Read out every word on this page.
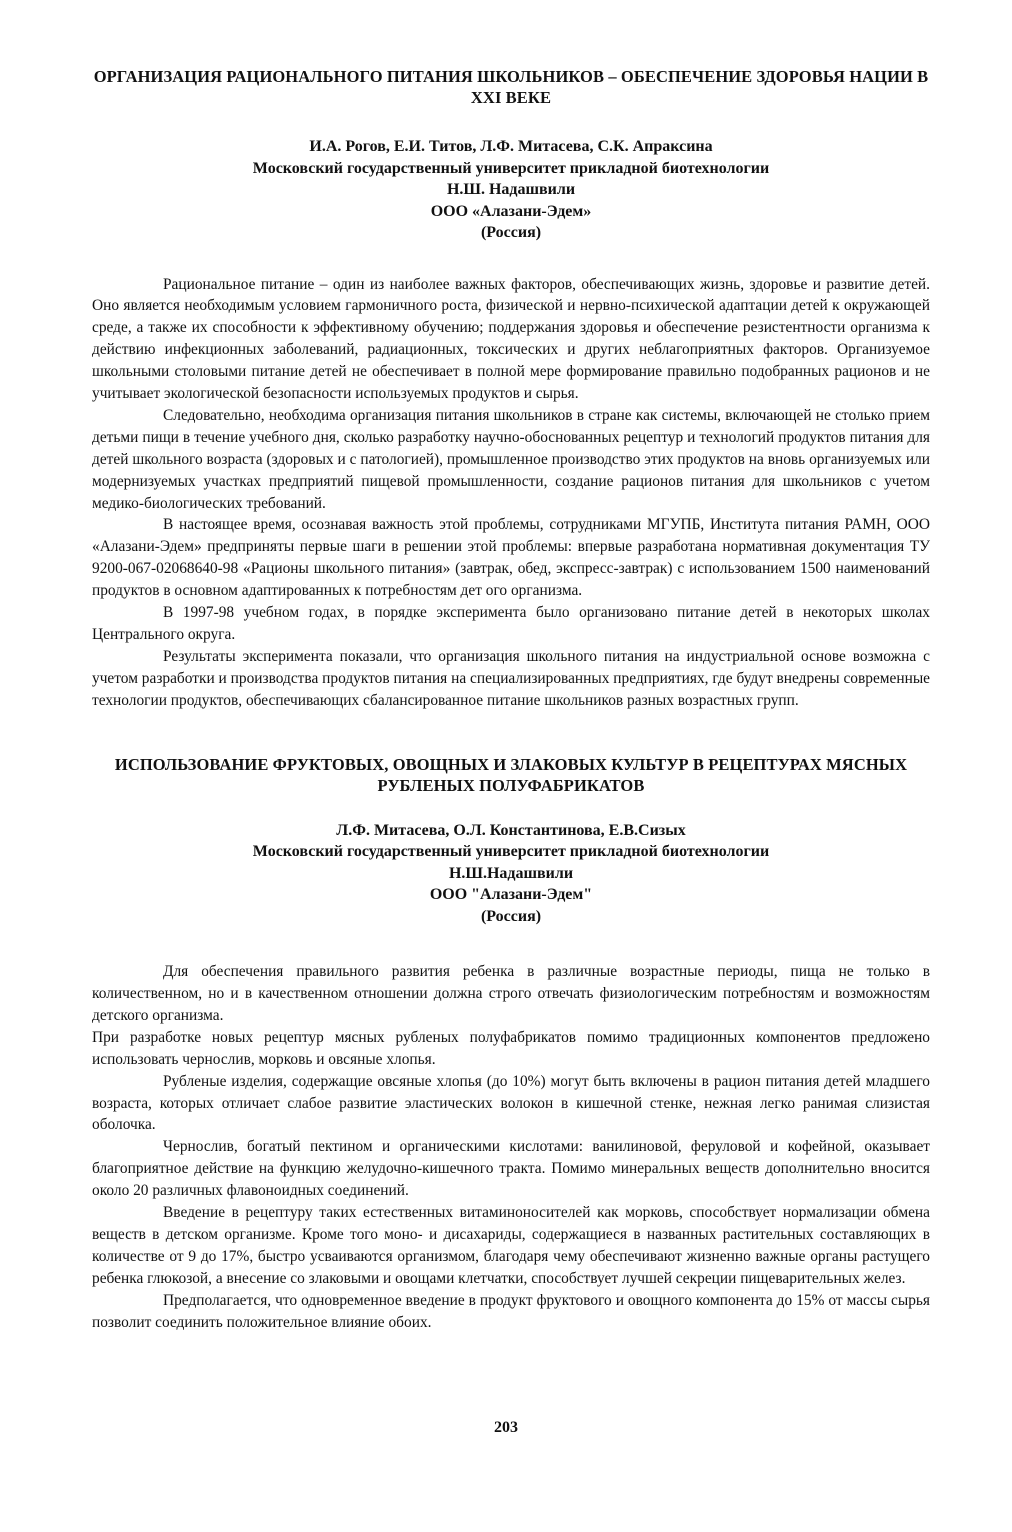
ОРГАНИЗАЦИЯ РАЦИОНАЛЬНОГО ПИТАНИЯ ШКОЛЬНИКОВ – ОБЕСПЕЧЕНИЕ ЗДОРОВЬЯ НАЦИИ В XXI ВЕКЕ
И.А. Рогов, Е.И. Титов, Л.Ф. Митасева, С.К. Апраксина
Московский государственный университет прикладной биотехнологии
Н.Ш. Надашвили
ООО «Алазани-Эдем»
(Россия)

Рациональное питание – один из наиболее важных факторов, обеспечивающих жизнь, здоровье и развитие детей. Оно является необходимым условием гармоничного роста, физической и нервно-психической адаптации детей к окружающей среде, а также их способности к эффективному обучению; поддержания здоровья и обеспечение резистентности организма к действию инфекционных заболеваний, радиационных, токсических и других неблагоприятных факторов. Организуемое школьными столовыми питание детей не обеспечивает в полной мере формирование правильно подобранных рационов и не учитывает экологической безопасности используемых продуктов и сырья.

Следовательно, необходима организация питания школьников в стране как системы, включающей не столько прием детьми пищи в течение учебного дня, сколько разработку научно-обоснованных рецептур и технологий продуктов питания для детей школьного возраста (здоровых и с патологией), промышленное производство этих продуктов на вновь организуемых или модернизуемых участках предприятий пищевой промышленности, создание рационов питания для школьников с учетом медико-биологических требований.

В настоящее время, осознавая важность этой проблемы, сотрудниками МГУПБ, Института питания РАМН, ООО «Алазани-Эдем» предприняты первые шаги в решении этой проблемы: впервые разработана нормативная документация ТУ 9200-067-02068640-98 «Рационы школьного питания» (завтрак, обед, экспресс-завтрак) с использованием 1500 наименований продуктов в основном адаптированных к потребностям дет ого организма.

В 1997-98 учебном годах, в порядке эксперимента было организовано питание детей в некоторых школах Центрального округа.

Результаты эксперимента показали, что организация школьного питания на индустриальной основе возможна с учетом разработки и производства продуктов питания на специализированных предприятиях, где будут внедрены современные технологии продуктов, обеспечивающих сбалансированное питание школьников разных возрастных групп.

ИСПОЛЬЗОВАНИЕ ФРУКТОВЫХ, ОВОЩНЫХ И ЗЛАКОВЫХ КУЛЬТУР В РЕЦЕПТУРАХ МЯСНЫХ РУБЛЕНЫХ ПОЛУФАБРИКАТОВ
Л.Ф. Митасева, О.Л. Константинова, Е.В.Сизых
Московский государственный университет прикладной биотехнологии
Н.Ш.Надашвили
ООО "Алазани-Эдем"
(Россия)

Для обеспечения правильного развития ребенка в различные возрастные периоды, пища не только в количественном, но и в качественном отношении должна строго отвечать физиологическим потребностям и возможностям детского организма.

При разработке новых рецептур мясных рубленых полуфабрикатов помимо традиционных компонентов предложено использовать чернослив, морковь и овсяные хлопья.

Рубленые изделия, содержащие овсяные хлопья (до 10%) могут быть включены в рацион питания детей младшего возраста, которых отличает слабое развитие эластических волокон в кишечной стенке, нежная легко ранимая слизистая оболочка.

Чернослив, богатый пектином и органическими кислотами: ванилиновой, феруловой и кофейной, оказывает благоприятное действие на функцию желудочно-кишечного тракта. Помимо минеральных веществ дополнительно вносится около 20 различных флавоноидных соединений.

Введение в рецептуру таких естественных витаминоносителей как морковь, способствует нормализации обмена веществ в детском организме. Кроме того моно- и дисахариды, содержащиеся в названных растительных составляющих в количестве от 9 до 17%, быстро усваиваются организмом, благодаря чему обеспечивают жизненно важные органы растущего ребенка глюкозой, а внесение со злаковыми и овощами клетчатки, способствует лучшей секреции пищеварительных желез.

Предполагается, что одновременное введение в продукт фруктового и овощного компонента до 15% от массы сырья позволит соединить положительное влияние обоих.

203
